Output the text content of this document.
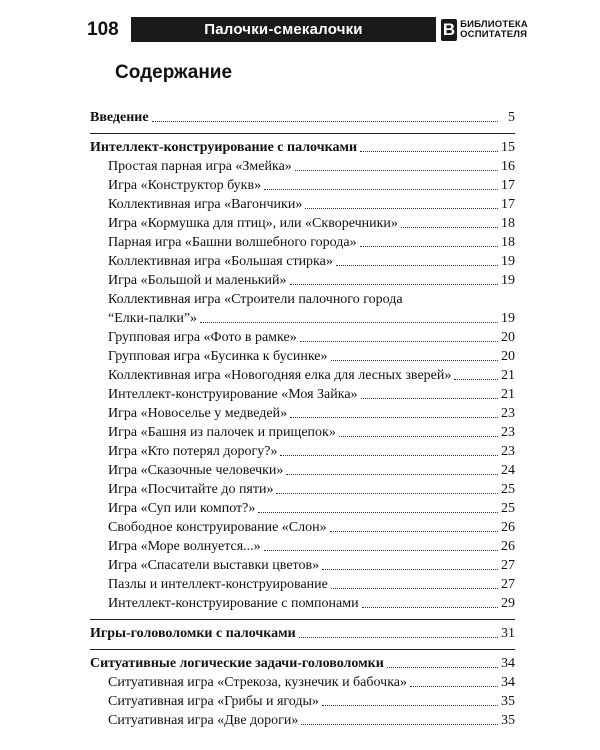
108	Палочки-смекалочки	В БИБЛИОТЕКА
ОСПИТАТЕЛЯ
Содержание
Введение	5
Интеллект-конструирование с палочками	15
Простая парная игра «Змейка»	16
Игра «Конструктор букв»	17
Коллективная игра «Вагончики»	17
Игра «Кормушка для птиц», или «Скворечники»	18
Парная игра «Башни волшебного города»	18
Коллективная игра «Большая стирка»	19
Игра «Большой и маленький»	19
Коллективная игра «Строители палочного города
“Елки-палки”»	19
Групповая игра «Фото в рамке»	20
Групповая игра «Бусинка к бусинке»	20
Коллективная игра «Новогодняя елка для лесных зверей»	21
Интеллект-конструирование «Моя Зайка»	21
Игра «Новоселье у медведей»	23
Игра «Башня из палочек и прищепок»	23
Игра «Кто потерял дорогу?»	23
Игра «Сказочные человечки»	24
Игра «Посчитайте до пяти»	25
Игра «Суп или компот?»	25
Свободное конструирование «Слон»	26
Игра «Море волнуется...»	26
Игра «Спасатели выставки цветов»	27
Пазлы и интеллект-конструирование	27
Интеллект-конструирование с помпонами	29
Игры-головоломки с палочками	31
Ситуативные логические задачи-головоломки	34
Ситуативная игра «Стрекоза, кузнечик и бабочка»	34
Ситуативная игра «Грибы и ягоды»	35
Ситуативная игра «Две дороги»	35
